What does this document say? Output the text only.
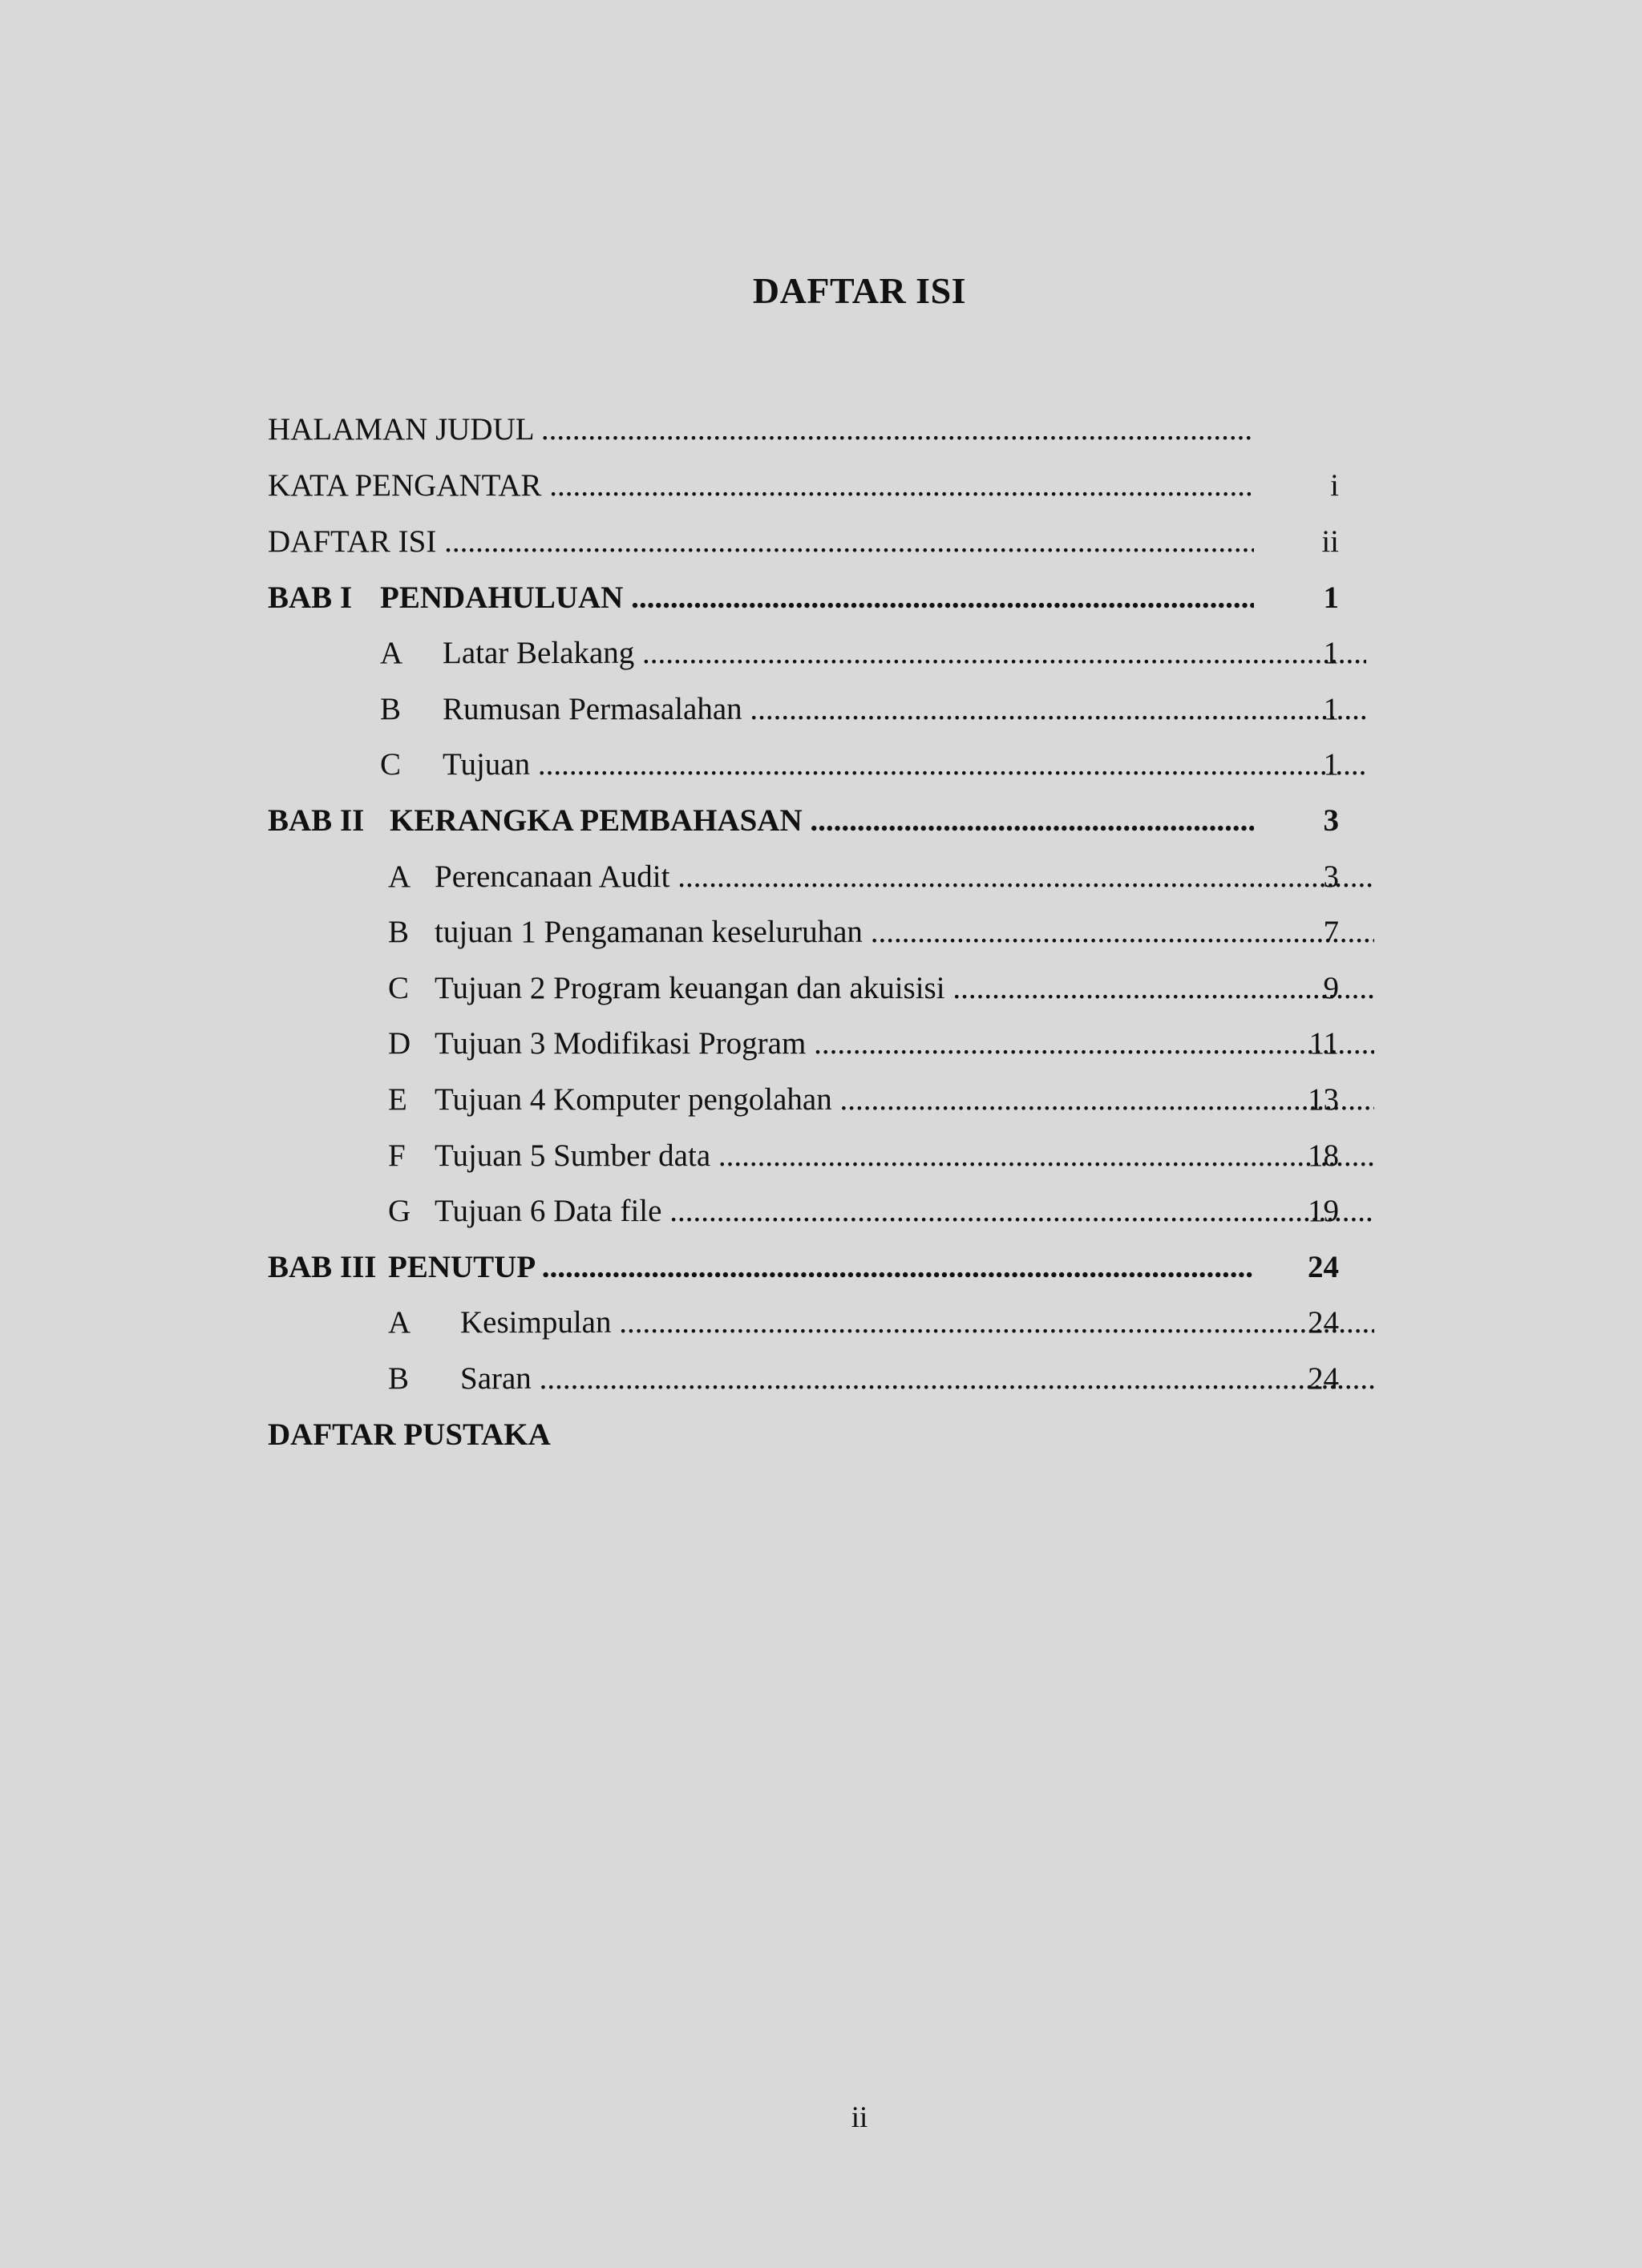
DAFTAR ISI
HALAMAN JUDUL .....
KATA PENGANTAR .....	i
DAFTAR ISI .....	ii
BAB I PENDAHULUAN .....	1
A Latar Belakang .....	1
B Rumusan Permasalahan .....	1
C Tujuan .....	1
BAB II KERANGKA PEMBAHASAN .....	3
A Perencanaan Audit .....	3
B tujuan 1 Pengamanan keseluruhan .....	7
C Tujuan 2 Program keuangan dan akuisisi .....	9
D Tujuan 3 Modifikasi Program .....	11
E Tujuan 4 Komputer pengolahan .....	13
F Tujuan 5 Sumber data .....	18
G Tujuan 6 Data file .....	19
BAB III PENUTUP .....	24
A Kesimpulan .....	24
B Saran .....	24
DAFTAR PUSTAKA
ii
